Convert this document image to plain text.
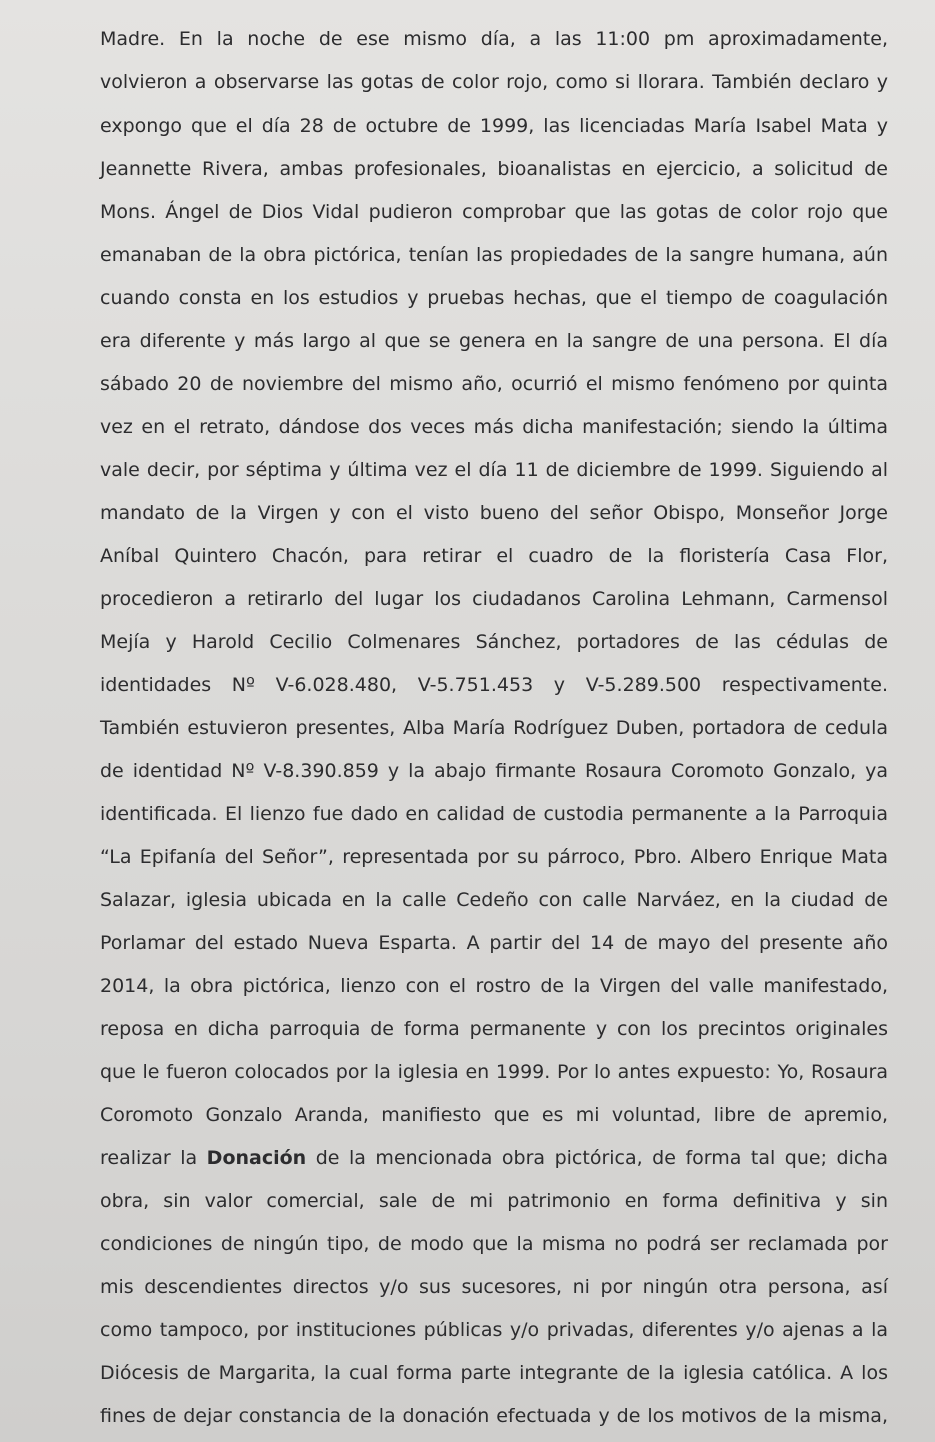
Madre. En la noche de ese mismo día, a las 11:00 pm aproximadamente,
volvieron a observarse las gotas de color rojo, como si llorara. También declaro y
expongo que el día 28 de octubre de 1999, las licenciadas María Isabel Mata y
Jeannette Rivera, ambas profesionales, bioanalistas en ejercicio, a solicitud de
Mons. Ángel de Dios Vidal pudieron comprobar que las gotas de color rojo que
emanaban de la obra pictórica, tenían las propiedades de la sangre humana, aún
cuando consta en los estudios y pruebas hechas, que el tiempo de coagulación
era diferente y más largo al que se genera en la sangre de una persona. El día
sábado 20 de noviembre del mismo año, ocurrió el mismo fenómeno por quinta
vez en el retrato, dándose dos veces más dicha manifestación; siendo la última
vale decir, por séptima y última vez el día 11 de diciembre de 1999. Siguiendo al
mandato de la Virgen y con el visto bueno del señor Obispo, Monseñor Jorge
Aníbal Quintero Chacón, para retirar el cuadro de la floristería Casa Flor,
procedieron a retirarlo del lugar los ciudadanos Carolina Lehmann, Carmensol
Mejía y Harold Cecilio Colmenares Sánchez, portadores de las cédulas de
identidades Nº V-6.028.480, V-5.751.453 y V-5.289.500 respectivamente.
También estuvieron presentes, Alba María Rodríguez Duben, portadora de cedula
de identidad Nº V-8.390.859 y la abajo firmante Rosaura Coromoto Gonzalo, ya
identificada. El lienzo fue dado en calidad de custodia permanente a la Parroquia
“La Epifanía del Señor”, representada por su párroco, Pbro. Albero Enrique Mata
Salazar, iglesia ubicada en la calle Cedeño con calle Narváez, en la ciudad de
Porlamar del estado Nueva Esparta. A partir del 14 de mayo del presente año
2014, la obra pictórica, lienzo con el rostro de la Virgen del valle manifestado,
reposa en dicha parroquia de forma permanente y con los precintos originales
que le fueron colocados por la iglesia en 1999. Por lo antes expuesto: Yo, Rosaura
Coromoto Gonzalo Aranda, manifiesto que es mi voluntad, libre de apremio,
realizar la Donación de la mencionada obra pictórica, de forma tal que; dicha
obra, sin valor comercial, sale de mi patrimonio en forma definitiva y sin
condiciones de ningún tipo, de modo que la misma no podrá ser reclamada por
mis descendientes directos y/o sus sucesores, ni por ningún otra persona, así
como tampoco, por instituciones públicas y/o privadas, diferentes y/o ajenas a la
Diócesis de Margarita, la cual forma parte integrante de la iglesia católica. A los
fines de dejar constancia de la donación efectuada y de los motivos de la misma,
